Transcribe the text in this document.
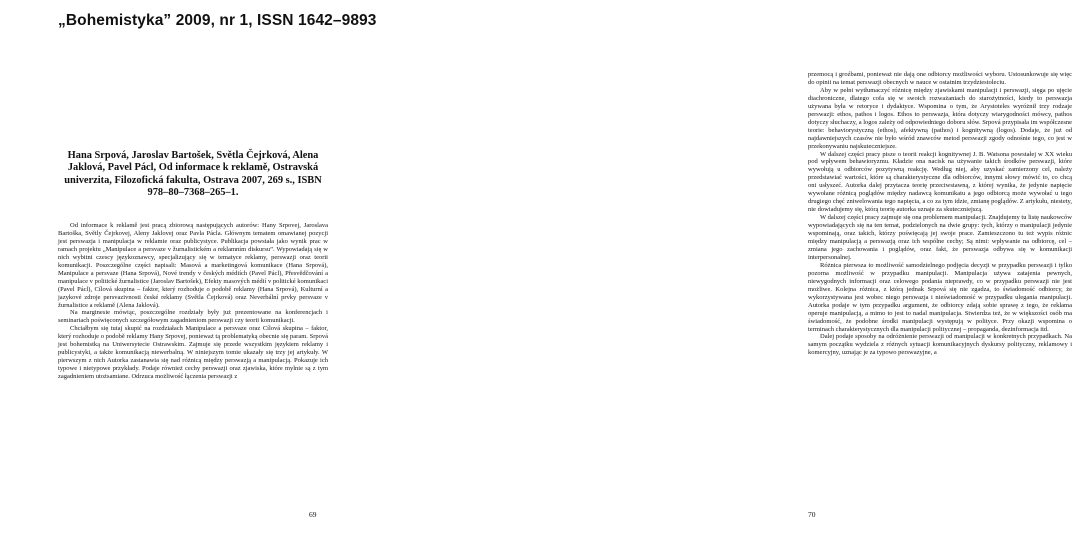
„Bohemistyka” 2009, nr 1, ISSN 1642–9893
Hana Srpová, Jaroslav Bartošek, Světla Čejrková, Alena Jaklová, Pavel Pácl, Od informace k reklamě, Ostravská univerzita, Filozofická fakulta, Ostrava 2007, 269 s., ISBN 978–80–7368–265–1.

Od informace k reklamě jest pracą zbiorową następujących autorów: Hany Srpovej, Jaroslava Bartoška, Světly Čejrkovej, Aleny Jaklovej oraz Pavla Pácla. Głównym tematem omawianej pozycji jest perswazja i manipulacja w reklamie oraz publicystyce. Publikacja powstała jako wynik prac w ramach projektu „Manipulace a persvaze v žurnalistickém a reklamním diskursu”. Wypowiadają się w nich wybitni czescy językoznawcy, specjalizujący się w tematyce reklamy, perswazji oraz teorii komunikacji. Poszczególne części napisali: Masová a marketingová komunikace (Hana Srpová), Manipulace a persvaze (Hana Srpová), Nové trendy v českých médiích (Pavel Pácl), Přesvědčování a manipulace v politické žurnalistice (Jaroslav Bartošek), Efekty masových médií v politické komunikaci (Pavel Pácl), Cílová skupina – faktor, který rozhoduje o podobě reklamy (Hana Srpová), Kulturní a jazykové zdroje persvazivnosti české reklamy (Světla Čejrková) oraz Neverbální prvky persvaze v žurnalistice a reklamě (Alena Jaklová).

Na marginesie mówiąc, poszczególne rozdziały były już prezentowane na konferencjach i seminariach poświęconych szczegółowym zagadnieniom perswazji czy teorii komunikacji.

Chciałbym się tutaj skupić na rozdziałach Manipulace a persvaze oraz Cílová skupina – faktor, který rozhoduje o podobě reklamy Hany Srpovej, ponieważ tą problematyką obecnie się param. Srpová jest bohemistką na Uniwersytecie Ostrawskim. Zajmuje się przede wszystkim językiem reklamy i publicystyki, a także komunikacją niewerbalną. W niniejszym tomie ukazały się trzy jej artykuły. W pierwszym z nich Autorka zastanawia się nad różnicą między perswazją a manipulacją. Pokazuje ich typowe i nietypowe przykłady. Podaje również cechy perswazji oraz zjawiska, które mylnie są z tym zagadnieniem utożsamiane. Odrzuca możliwość łączenia perswazji z

69

przemocą i groźbami, ponieważ nie dają one odbiorcy możliwości wyboru. Ustosunkowuje się więc do opinii na temat perswazji obecnych w nauce w ostatnim trzydziestoleciu.

Aby w pełni wytłumaczyć różnicę między zjawiskami manipulacji i perswazji, sięga po ujęcie diachroniczne, dlatego cofa się w swoich rozważaniach do starożytności, kiedy to perswazja używana była w retoryce i dydaktyce. Wspomina o tym, że Arystoteles wyróżnił trzy rodzaje perswazji: ethos, pathos i logos. Ethos to perswazja, która dotyczy wiarygodności mówcy, pathos dotyczy słuchaczy, a logos zależy od odpowiedniego doboru słów. Srpová przypisała im współczesne teorie: behaviorystyczną (ethos), afektywną (pathos) i kognitywną (logos). Dodaje, że już od najdawniejszych czasów nie było wśród znawców metod perswazji zgody odnośnie tego, co jest w przekonywaniu najskuteczniejsze.

W dalszej części pracy pisze o teorii reakcji kognitywnej J. B. Watsona powstałej w XX wieku pod wpływem behawioryzmu. Kładzie ona nacisk na używanie takich środków perswazji, które wywołują u odbiorców pozytywną reakcję. Według niej, aby uzyskać zamierzony cel, należy przedstawiać wartości, które są charakterystyczne dla odbiorców, innymi słowy mówić to, co chcą oni usłyszeć. Autorka dalej przytacza teorię przeciwstawną, z której wynika, że jedynie napięcie wywołane różnicą poglądów między nadawcą komunikatu a jego odbiorcą może wywołać u tego drugiego chęć zniwelowania tego napięcia, a co za tym idzie, zmianę poglądów. Z artykułu, niestety, nie dowiadujemy się, którą teorię autorka uznaje za skuteczniejszą.

W dalszej części pracy zajmuje się ona problemem manipulacji. Znajdujemy tu listę naukowców wypowiadających się na ten temat, podzielonych na dwie grupy: tych, którzy o manipulacji jedynie wspominają, oraz takich, którzy poświęcają jej swoje prace. Zamieszczono tu też wypis różnic między manipulacją a perswazją oraz ich wspólne cechy; Są nimi: wpływanie na odbiorcę, cel – zmiana jego zachowania i poglądów, oraz fakt, że perswazja odbywa się w komunikacji interpersonalnej.

Różnica pierwsza to możliwość samodzielnego podjęcia decyzji w przypadku perswazji i tylko pozorna możliwość w przypadku manipulacji. Manipulacja używa zatajenia pewnych, niewygodnych informacji oraz celowego podania nieprawdy, co w przypadku perswazji nie jest możliwe. Kolejna różnica, z którą jednak Srpová się nie zgadza, to świadomość odbiorcy, że wykorzystywana jest wobec niego perswazja i nieświadomość w przypadku ulegania manipulacji. Autorka podaje w tym przypadku argument, że odbiorcy zdają sobie sprawę z tego, że reklama operuje manipulacją, a mimo to jest to nadal manipulacja. Stwierdza też, że w większości osób ma świadomość, że podobne środki manipulacji występują w polityce. Przy okazji wspomina o terminach charakterystycznych dla manipulacji politycznej – propaganda, dezinformacja itd.

Dalej podaje sposoby na odróżnienie perswazji od manipulacji w konkretnych przypadkach. Na samym początku wydziela z różnych sytuacji komunikacyjnych dyskursy polityczny, reklamowy i komercyjny, uznając je za typowo perswazyjne, a

70
